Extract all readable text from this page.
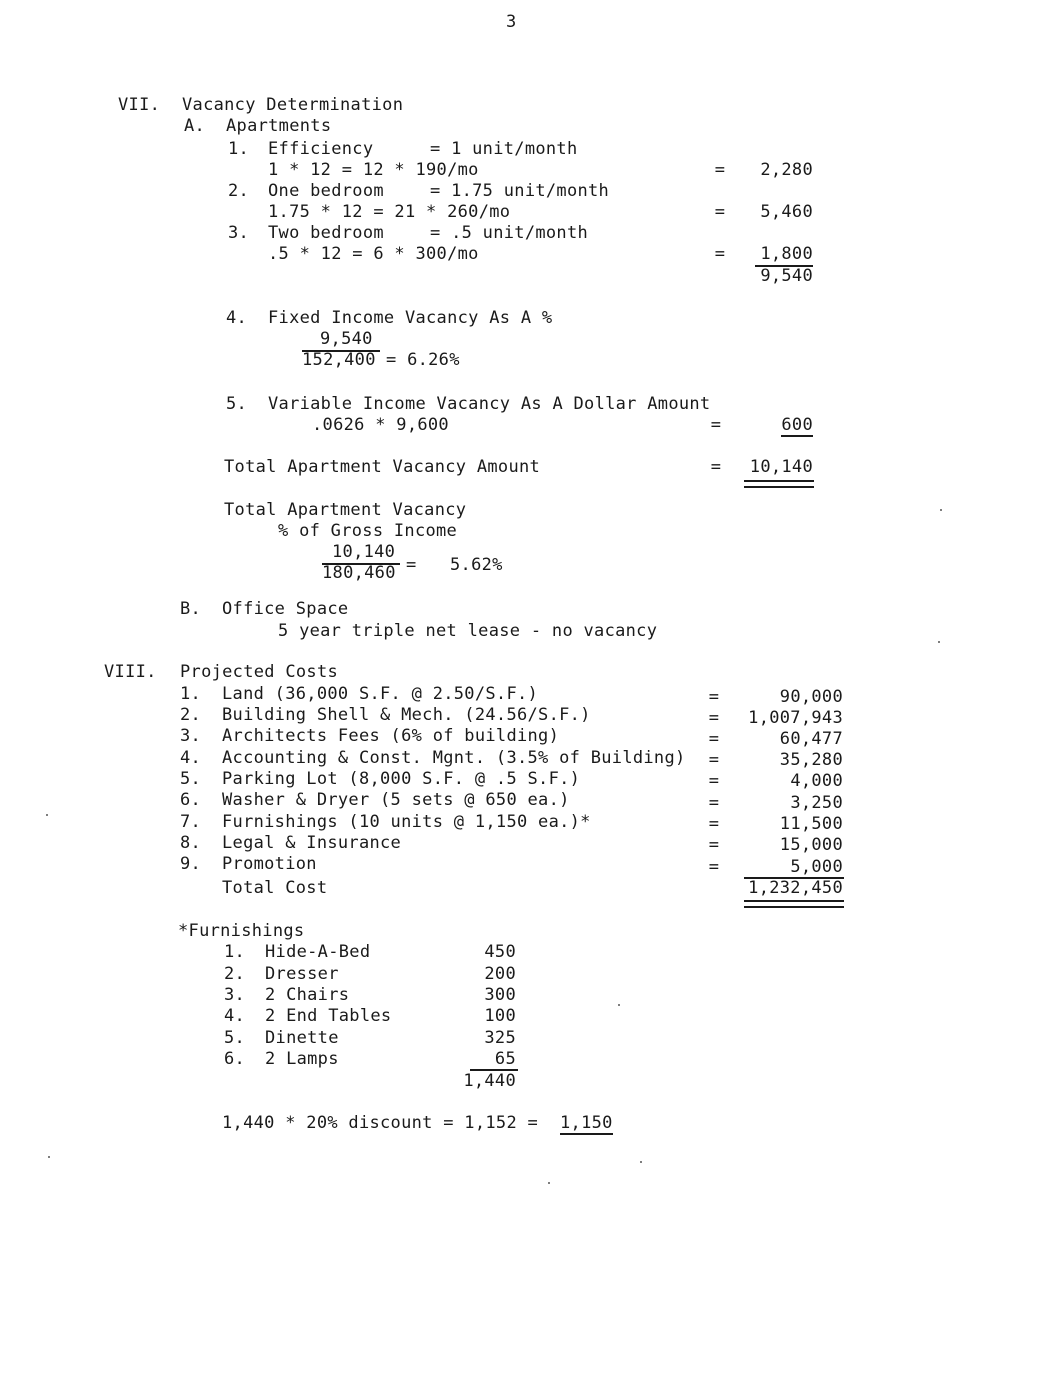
3
VII. Vacancy Determination
A. Apartments
1. Efficiency	= 1 unit/month
1 * 12 = 12 * 190/mo	=	2,280
2. One bedroom	= 1.75 unit/month
1.75 * 12 = 21 * 260/mo	=	5,460
3. Two bedroom	= .5 unit/month
.5 * 12 = 6 * 300/mo	=	1,800
9,540
4. Fixed Income Vacancy As A %
9,540
152,400 = 6.26%
5. Variable Income Vacancy As A Dollar Amount
.0626 * 9,600	=	600
Total Apartment Vacancy Amount	=	10,140
Total Apartment Vacancy
% of Gross Income
10,140
180,460 = 5.62%
B. Office Space
5 year triple net lease - no vacancy
VIII. Projected Costs
1. Land (36,000 S.F. @ 2.50/S.F.)	=	90,000
2. Building Shell & Mech. (24.56/S.F.)	=	1,007,943
3. Architects Fees (6% of building)	=	60,477
4. Accounting & Const. Mgnt. (3.5% of Building) =	35,280
5. Parking Lot (8,000 S.F. @ .5 S.F.)	=	4,000
6. Washer & Dryer (5 sets @ 650 ea.)	=	3,250
7. Furnishings (10 units @ 1,150 ea.)*	=	11,500
8. Legal & Insurance	=	15,000
9. Promotion	=	5,000
Total Cost	1,232,450
*Furnishings
1. Hide-A-Bed	450
2. Dresser	200
3. 2 Chairs	300
4. 2 End Tables	100
5. Dinette	325
6. 2 Lamps	65
1,440
1,440 * 20% discount = 1,152 = 1,150
